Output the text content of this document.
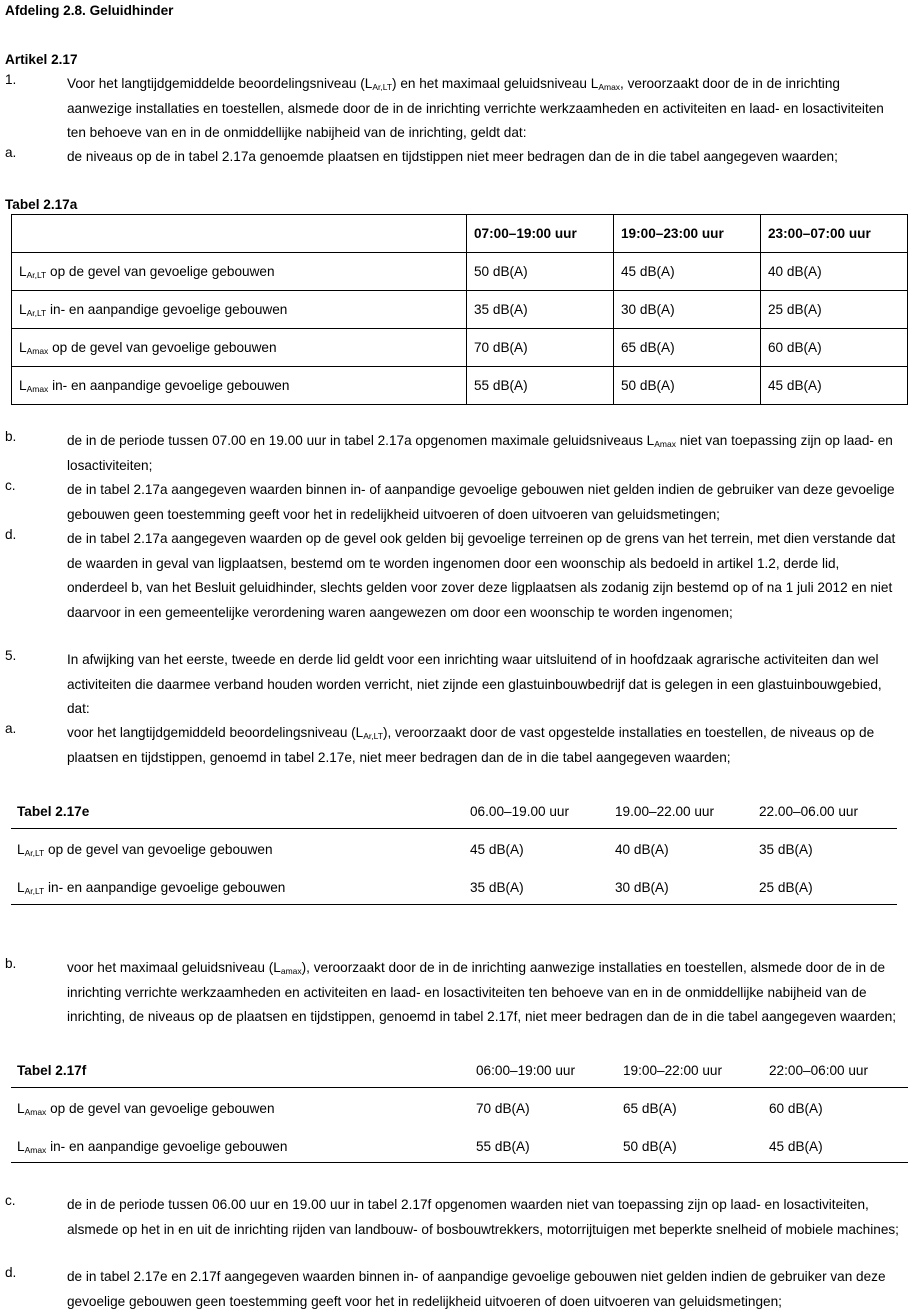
Afdeling 2.8. Geluidhinder
Artikel 2.17
1.	Voor het langtijdgemiddelde beoordelingsniveau $(L_{Ar,LT})$ en het maximaal geluidsniveau $L_{Amax}$, veroorzaakt door de in de inrichting aanwezige installaties en toestellen, alsmede door de in de inrichting verrichte werkzaamheden en activiteiten en laad- en losactiviteiten ten behoeve van en in de onmiddellijke nabijheid van de inrichting, geldt dat:
a.	de niveaus op de in tabel 2.17a genoemde plaatsen en tijdstippen niet meer bedragen dan de in die tabel aangegeven waarden;
Tabel 2.17a
	07:00–19:00 uur	19:00–23:00 uur	23:00–07:00 uur
$L_{Ar,LT}$ op de gevel van gevoelige gebouwen	50 dB(A)	45 dB(A)	40 dB(A)
$L_{Ar,LT}$ in- en aanpandige gevoelige gebouwen	35 dB(A)	30 dB(A)	25 dB(A)
$L_{Amax}$ op de gevel van gevoelige gebouwen	70 dB(A)	65 dB(A)	60 dB(A)
$L_{Amax}$ in- en aanpandige gevoelige gebouwen	55 dB(A)	50 dB(A)	45 dB(A)
b.	de in de periode tussen 07.00 en 19.00 uur in tabel 2.17a opgenomen maximale geluidsniveaus $L_{Amax}$ niet van toepassing zijn op laad- en losactiviteiten;
c.	de in tabel 2.17a aangegeven waarden binnen in- of aanpandige gevoelige gebouwen niet gelden indien de gebruiker van deze gevoelige gebouwen geen toestemming geeft voor het in redelijkheid uitvoeren of doen uitvoeren van geluidsmetingen;
d.	de in tabel 2.17a aangegeven waarden op de gevel ook gelden bij gevoelige terreinen op de grens van het terrein, met dien verstande dat de waarden in geval van ligplaatsen, bestemd om te worden ingenomen door een woonschip als bedoeld in artikel 1.2, derde lid, onderdeel b, van het Besluit geluidhinder, slechts gelden voor zover deze ligplaatsen als zodanig zijn bestemd op of na 1 juli 2012 en niet daarvoor in een gemeentelijke verordening waren aangewezen om door een woonschip te worden ingenomen;
5.	In afwijking van het eerste, tweede en derde lid geldt voor een inrichting waar uitsluitend of in hoofdzaak agrarische activiteiten dan wel activiteiten die daarmee verband houden worden verricht, niet zijnde een glastuinbouwbedrijf dat is gelegen in een glastuinbouwgebied, dat:
a.	voor het langtijdgemiddeld beoordelingsniveau $(L_{Ar,LT})$, veroorzaakt door de vast opgestelde installaties en toestellen, de niveaus op de plaatsen en tijdstippen, genoemd in tabel 2.17e, niet meer bedragen dan de in die tabel aangegeven waarden;
Tabel 2.17e	06.00–19.00 uur	19.00–22.00 uur	22.00–06.00 uur
$L_{Ar,LT}$ op de gevel van gevoelige gebouwen	45 dB(A)	40 dB(A)	35 dB(A)
$L_{Ar,LT}$ in- en aanpandige gevoelige gebouwen	35 dB(A)	30 dB(A)	25 dB(A)
b.	voor het maximaal geluidsniveau $(L_{amax})$, veroorzaakt door de in de inrichting aanwezige installaties en toestellen, alsmede door de in de inrichting verrichte werkzaamheden en activiteiten en laad- en losactiviteiten ten behoeve van en in de onmiddellijke nabijheid van de inrichting, de niveaus op de plaatsen en tijdstippen, genoemd in tabel 2.17f, niet meer bedragen dan de in die tabel aangegeven waarden;
Tabel 2.17f	06:00–19:00 uur	19:00–22:00 uur	22:00–06:00 uur
$L_{Amax}$ op de gevel van gevoelige gebouwen	70 dB(A)	65 dB(A)	60 dB(A)
$L_{Amax}$ in- en aanpandige gevoelige gebouwen	55 dB(A)	50 dB(A)	45 dB(A)
c.	de in de periode tussen 06.00 uur en 19.00 uur in tabel 2.17f opgenomen waarden niet van toepassing zijn op laad- en losactiviteiten, alsmede op het in en uit de inrichting rijden van landbouw- of bosbouwtrekkers, motorrijtuigen met beperkte snelheid of mobiele machines;
d.	de in tabel 2.17e en 2.17f aangegeven waarden binnen in- of aanpandige gevoelige gebouwen niet gelden indien de gebruiker van deze gevoelige gebouwen geen toestemming geeft voor het in redelijkheid uitvoeren of doen uitvoeren van geluidsmetingen;
